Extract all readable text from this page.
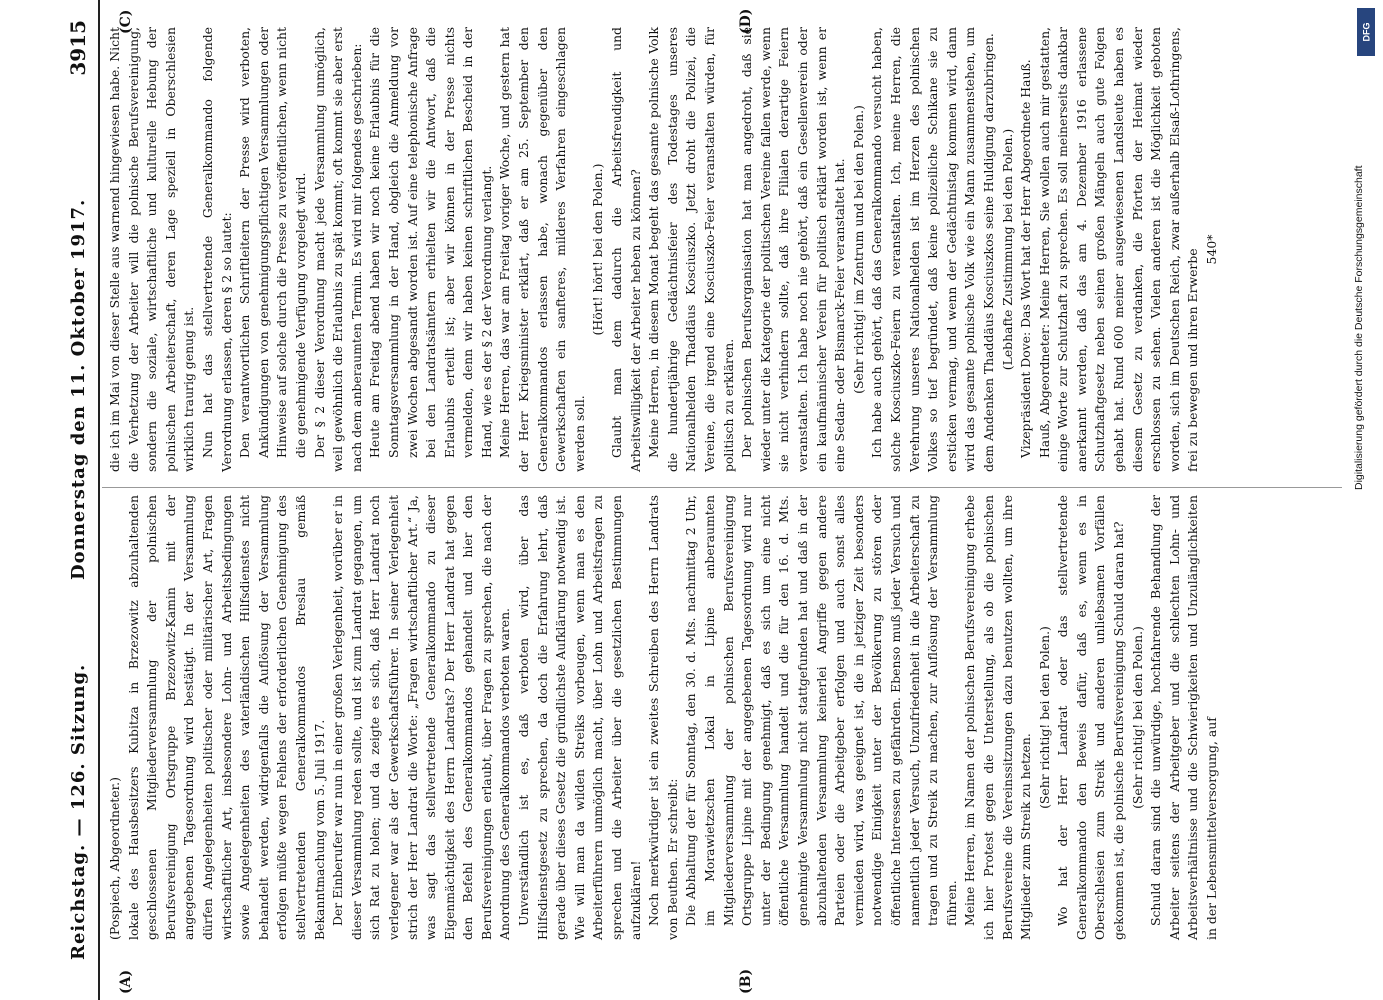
Reichstag. — 126. Sitzung.
Donnerstag den 11. Oktober 1917.
3915
(A)	(B)
(C)	(D)

(Pospiech, Abgeordneter.) lokale des Hausbesitzers Kubitza in Brzezowitz abzuhaltenden geschlossenen Mitgliederversammlung der polnischen Berufsvereinigung Ortsgruppe Brzezowitz-Kamin mit der angegebenen Tagesordnung wird bestätigt. In der Versammlung dürfen Angelegenheiten politischer oder militärischer Art, Fragen wirtschaftlicher Art, insbesondere Lohn- und Arbeitsbedingungen sowie Angelegenheiten des vaterländischen Hilfsdienstes nicht behandelt werden, widrigenfalls die Auflösung der Versammlung erfolgen müßte wegen Fehlens der erforderlichen Genehmigung des stellvertretenden Generalkommandos Breslau gemäß Bekanntmachung vom 5. Juli 1917. Der Einberufer war nun in einer großen Verlegenheit, worüber er in dieser Versammlung reden sollte, und ist zum Landrat gegangen, um sich Rat zu holen; und da zeigte es sich, daß Herr Landrat noch verlegener war als der Gewerkschaftsführer. In seiner Verlegenheit strich der Herr Landrat die Worte: „Fragen wirtschaftlicher Art.“ Ja, was sagt das stellvertretende Generalkommando zu dieser Eigenmächtigkeit des Herrn Landrats? Der Herr Landrat hat gegen den Befehl des Generalkommandos gehandelt und hier den Berufsvereinigungen erlaubt, über Fragen zu sprechen, die nach der Anordnung des Generalkommandos verboten waren. Unverständlich ist es, daß verboten wird, über das Hilfsdienstgesetz zu sprechen, da doch die Erfahrung lehrt, daß gerade über dieses Gesetz die gründlichste Aufklärung notwendig ist. Wie will man da wilden Streiks vorbeugen, wenn man es den Arbeiterführern unmöglich macht, über Lohn und Arbeitsfragen zu sprechen und die Arbeiter über die gesetzlichen Bestimmungen aufzuklären! Noch merkwürdiger ist ein zweites Schreiben des Herrn Landrats von Beuthen. Er schreibt: Die Abhaltung der für Sonntag, den 30. d. Mts. nachmittag 2 Uhr, im Morawietzschen Lokal in Lipine anberaumten Mitgliederversammlung der polnischen Berufsvereinigung Ortsgruppe Lipine mit der angegebenen Tagesordnung wird nur unter der Bedingung genehmigt, daß es sich um eine nicht öffentliche Versammlung handelt und die für den 16. d. Mts. genehmigte Versammlung nicht stattgefunden hat und daß in der abzuhaltenden Versammlung keinerlei Angriffe gegen andere Parteien oder die Arbeitgeber erfolgen und auch sonst alles vermieden wird, was geeignet ist, die in jetziger Zeit besonders notwendige Einigkeit unter der Bevölkerung zu stören oder öffentliche Interessen zu gefährden. Ebenso muß jeder Versuch und namentlich jeder Versuch, Unzufriedenheit in die Arbeiterschaft zu tragen und zu Streik zu machen, zur Auflösung der Versammlung führen. Meine Herren, im Namen der polnischen Berufsvereinigung erhebe ich hier Protest gegen die Unterstellung, als ob die polnischen Berufsvereine die Vereinssitzungen dazu benutzen wollten, um ihre Mitglieder zum Streik zu hetzen.

(Sehr richtig! bei den Polen.) Wo hat der Herr Landrat oder das stellvertretende Generalkommando den Beweis dafür, daß es, wenn es in Oberschlesien zum Streik und anderen unliebsamen Vorfällen gekommen ist, die polnische Berufsvereinigung Schuld daran hat? (Sehr richtig! bei den Polen.) Schuld daran sind die unwürdige, hochfahrende Behandlung der Arbeiter seitens der Arbeitgeber und die schlechten Lohn- und Arbeitsverhältnisse und die Schwierigkeiten und Unzulänglichkeiten in der Lebensmittelversorgung, auf

die ich im Mai von dieser Stelle aus warnend hingewiesen habe. Nicht die Verhetzung der Arbeiter will die polnische Berufsvereinigung, sondern die soziale, wirtschaftliche und kulturelle Hebung der polnischen Arbeiterschaft, deren Lage speziell in Oberschlesien wirklich traurig genug ist. Nun hat das stellvertretende Generalkommando folgende Verordnung erlassen, deren § 2 so lautet: Den verantwortlichen Schriftleitern der Presse wird verboten, Ankündigungen von genehmigungspflichtigen Versammlungen oder Hinweise auf solche durch die Presse zu veröffentlichen, wenn nicht die genehmigende Verfügung vorgelegt wird. Der § 2 dieser Verordnung macht jede Versammlung unmöglich, weil gewöhnlich die Erlaubnis zu spät kommt; oft kommt sie aber erst nach dem anberaumten Termin. Es wird mir folgendes geschrieben: Heute am Freitag abend haben wir noch keine Erlaubnis für die Sonntagsversammlung in der Hand, obgleich die Anmeldung vor zwei Wochen abgesandt worden ist. Auf eine telephonische Anfrage bei den Landratsämtern erhielten wir die Antwort, daß die Erlaubnis erteilt ist; aber wir können in der Presse nichts vermelden, denn wir haben keinen schriftlichen Bescheid in der Hand, wie es der § 2 der Verordnung verlangt. Meine Herren, das war am Freitag voriger Woche, und gestern hat der Herr Kriegsminister erklärt, daß er am 25. September den Generalkommandos erlassen habe, wonach gegenüber den Gewerkschaften ein sanfteres, milderes Verfahren eingeschlagen werden soll.

(Hört! hört! bei den Polen.) Glaubt man dem dadurch die Arbeitsfreudigkeit und Arbeitswilligkeit der Arbeiter heben zu können? Meine Herren, in diesem Monat begeht das gesamte polnische Volk die hundertjährige Gedächtnisfeier des Todestages unseres Nationalhelden Thaddäus Kosciuszko. Jetzt droht die Polizei, die Vereine, die irgend eine Kosciuszko-Feier veranstalten würden, für politisch zu erklären. Der polnischen Berufsorganisation hat man angedroht, daß sie wieder unter die Kategorie der politischen Vereine fallen werde, wenn sie nicht verhindern sollte, daß ihre Filialen derartige Feiern veranstalten. Ich habe noch nie gehört, daß ein Gesellenverein oder ein kaufmännischer Verein für politisch erklärt worden ist, wenn er eine Sedan- oder Bismarck-Feier veranstaltet hat. (Sehr richtig! im Zentrum und bei den Polen.) Ich habe auch gehört, daß das Generalkommando versucht haben, solche Kosciuszko-Feiern zu veranstalten. Ich, meine Herren, die Verehrung unseres Nationalhelden ist im Herzen des polnischen Volkes so tief begründet, daß keine polizeiliche Schikane sie zu ersticken vermag, und wenn der Gedächtnistag kommen wird, dann wird das gesamte polnische Volk wie ein Mann zusammenstehen, um dem Andenken Thaddäus Kosciuszkos seine Huldigung darzubringen. (Lebhafte Zustimmung bei den Polen.) Vizepräsident Dove: Das Wort hat der Herr Abgeordnete Hauß. Hauß, Abgeordneter: Meine Herren, Sie wollen auch mir gestatten, einige Worte zur Schutzhaft zu sprechen. Es soll meinerseits dankbar anerkannt werden, daß das am 4. Dezember 1916 erlassene Schutzhaftgesetz neben seinen großen Mängeln auch gute Folgen gehabt hat. Rund 600 meiner ausgewiesenen Landsleute haben es diesem Gesetz zu verdanken, die Pforten der Heimat wieder erschlossen zu sehen. Vielen anderen ist die Möglichkeit geboten worden, sich im Deutschen Reich, zwar außerhalb Elsaß-Lothringens, frei zu bewegen und ihren Erwerbe 540*	Digitalisierung gefördert durch die Deutsche Forschungsgemeinschaft
DFG
